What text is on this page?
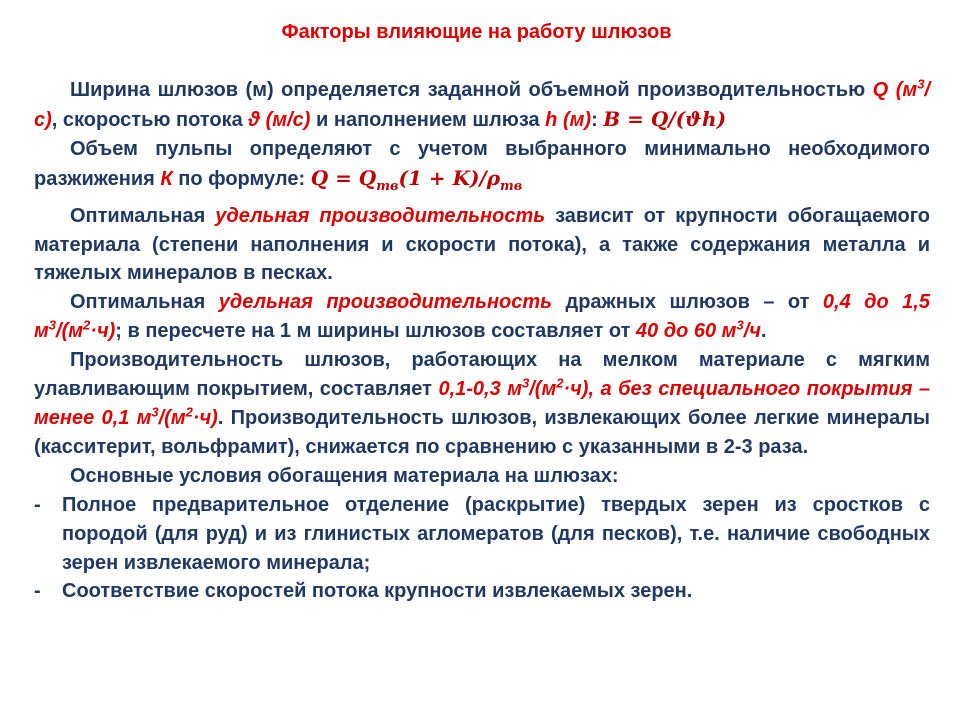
Факторы влияющие на работу шлюзов

Ширина шлюзов (м) определяется заданной объемной производительностью Q $(м^3/с)$, скоростью потока ϑ (м/с) и наполнением шлюза h (м): B = Q/(ϑh)

Объем пульпы определяют с учетом выбранного минимально необходимого разжижения К по формуле: $Q = Q_{тв}(1 + K)/\rho_{тв}$

Оптимальная удельная производительность зависит от крупности обогащаемого материала (степени наполнения и скорости потока), а также содержания металла и тяжелых минералов в песках.

Оптимальная удельная производительность дражных шлюзов – от 0,4 до 1,5 $м^3/(м^2\cdot ч)$; в пересчете на 1 м ширины шлюзов составляет от 40 до 60 $м^3/ч$.

Производительность шлюзов, работающих на мелком материале с мягким улавливающим покрытием, составляет 0,1-0,3 $м^3/(м^2\cdot ч)$, а без специального покрытия – менее 0,1 $м^3/(м^2\cdot ч)$. Производительность шлюзов, извлекающих более легкие минералы (касситерит, вольфрамит), снижается по сравнению с указанными в 2-3 раза.

Основные условия обогащения материала на шлюзах:

- Полное предварительное отделение (раскрытие) твердых зерен из сростков с породой (для руд) и из глинистых агломератов (для песков), т.е. наличие свободных зерен извлекаемого минерала;
- Соответствие скоростей потока крупности извлекаемых зерен.
